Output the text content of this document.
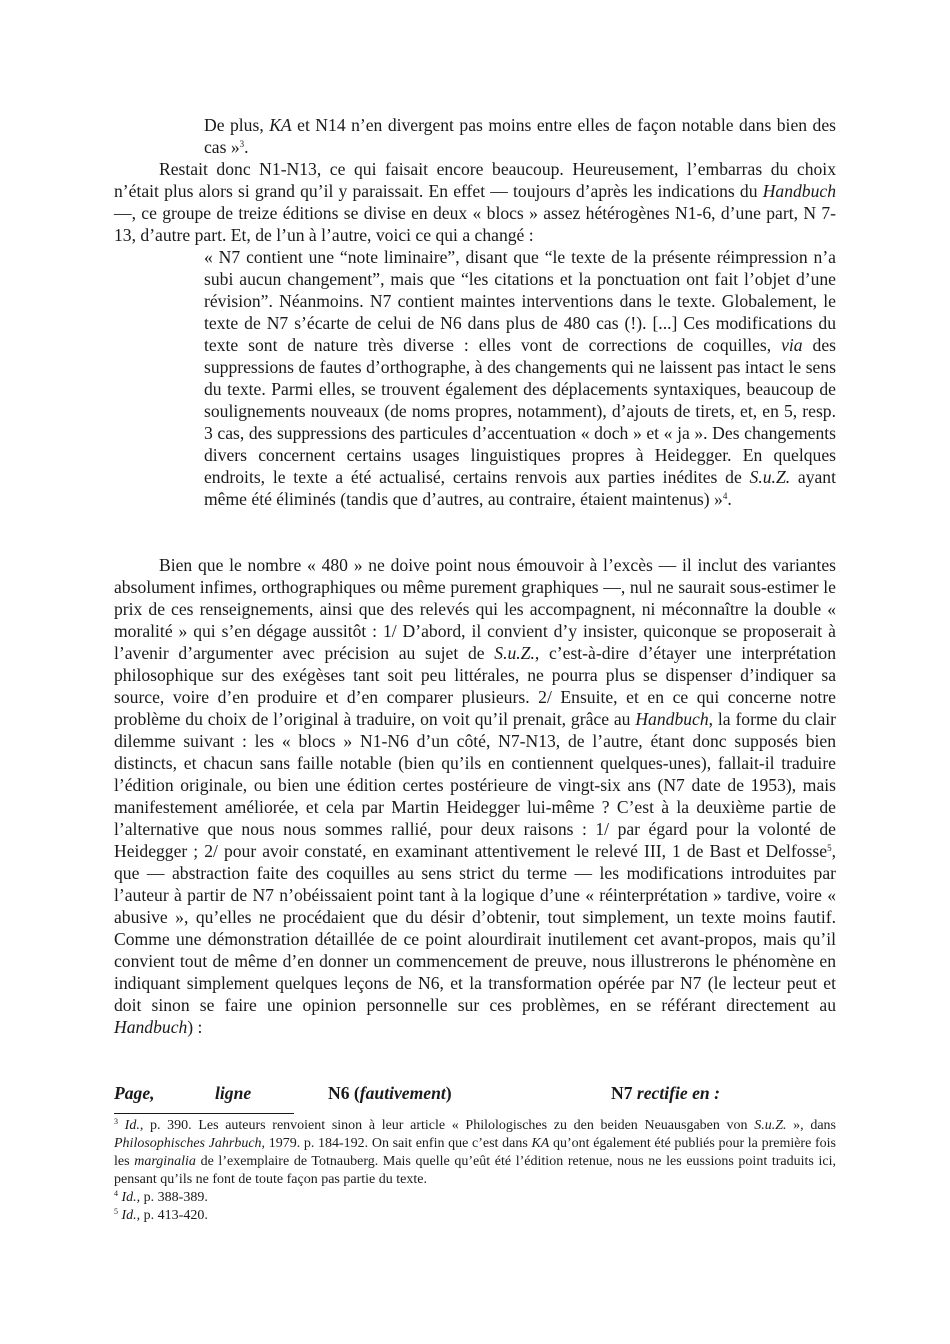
De plus, KA et N14 n’en divergent pas moins entre elles de façon notable dans bien des cas »$^3$.

Restait donc N1-N13, ce qui faisait encore beaucoup. Heureusement, l’embarras du choix n’était plus alors si grand qu’il y paraissait. En effet — toujours d’après les indications du Handbuch —, ce groupe de treize éditions se divise en deux « blocs » assez hétérogènes N1-6, d’une part, N 7-13, d’autre part. Et, de l’un à l’autre, voici ce qui a changé :

« N7 contient une “note liminaire”, disant que “le texte de la présente réimpression n’a subi aucun changement”, mais que “les citations et la ponctuation ont fait l’objet d’une révision”. Néanmoins. N7 contient maintes interventions dans le texte. Globalement, le texte de N7 s’écarte de celui de N6 dans plus de 480 cas (!). [...] Ces modifications du texte sont de nature très diverse : elles vont de corrections de coquilles, via des suppressions de fautes d’orthographe, à des changements qui ne laissent pas intact le sens du texte. Parmi elles, se trouvent également des déplacements syntaxiques, beaucoup de soulignements nouveaux (de noms propres, notamment), d’ajouts de tirets, et, en 5, resp. 3 cas, des suppressions des particules d’accentuation « doch » et « ja ». Des changements divers concernent certains usages linguistiques propres à Heidegger. En quelques endroits, le texte a été actualisé, certains renvois aux parties inédites de S.u.Z. ayant même été éliminés (tandis que d’autres, au contraire, étaient maintenus) »$^4$.

Bien que le nombre « 480 » ne doive point nous émouvoir à l’excès — il inclut des variantes absolument infimes, orthographiques ou même purement graphiques —, nul ne saurait sous-estimer le prix de ces renseignements, ainsi que des relevés qui les accompagnent, ni méconnaître la double « moralité » qui s’en dégage aussitôt : 1/ D’abord, il convient d’y insister, quiconque se proposerait à l’avenir d’argumenter avec précision au sujet de S.u.Z., c’est-à-dire d’étayer une interprétation philosophique sur des exégèses tant soit peu littérales, ne pourra plus se dispenser d’indiquer sa source, voire d’en produire et d’en comparer plusieurs. 2/ Ensuite, et en ce qui concerne notre problème du choix de l’original à traduire, on voit qu’il prenait, grâce au Handbuch, la forme du clair dilemme suivant : les « blocs » N1-N6 d’un côté, N7-N13, de l’autre, étant donc supposés bien distincts, et chacun sans faille notable (bien qu’ils en contiennent quelques-unes), fallait-il traduire l’édition originale, ou bien une édition certes postérieure de vingt-six ans (N7 date de 1953), mais manifestement améliorée, et cela par Martin Heidegger lui-même ? C’est à la deuxième partie de l’alternative que nous nous sommes rallié, pour deux raisons : 1/ par égard pour la volonté de Heidegger ; 2/ pour avoir constaté, en examinant attentivement le relevé III, 1 de Bast et Delfosse$^5$, que — abstraction faite des coquilles au sens strict du terme — les modifications introduites par l’auteur à partir de N7 n’obéissaient point tant à la logique d’une « réinterprétation » tardive, voire « abusive », qu’elles ne procédaient que du désir d’obtenir, tout simplement, un texte moins fautif. Comme une démonstration détaillée de ce point alourdirait inutilement cet avant-propos, mais qu’il convient tout de même d’en donner un commencement de preuve, nous illustrerons le phénomène en indiquant simplement quelques leçons de N6, et la transformation opérée par N7 (le lecteur peut et doit sinon se faire une opinion personnelle sur ces problèmes, en se référant directement au Handbuch) :

Page,	ligne	N6 (fautivement)	N7 rectifie en :

$^3$ Id., p. 390. Les auteurs renvoient sinon à leur article « Philologisches zu den beiden Neuausgaben von S.u.Z. », dans Philosophisches Jahrbuch, 1979. p. 184-192. On sait enfin que c’est dans KA qu’ont également été publiés pour la première fois les marginalia de l’exemplaire de Totnauberg. Mais quelle qu’eût été l’édition retenue, nous ne les eussions point traduits ici, pensant qu’ils ne font de toute façon pas partie du texte.

$^4$ Id., p. 388-389.

$^5$ Id., p. 413-420.
